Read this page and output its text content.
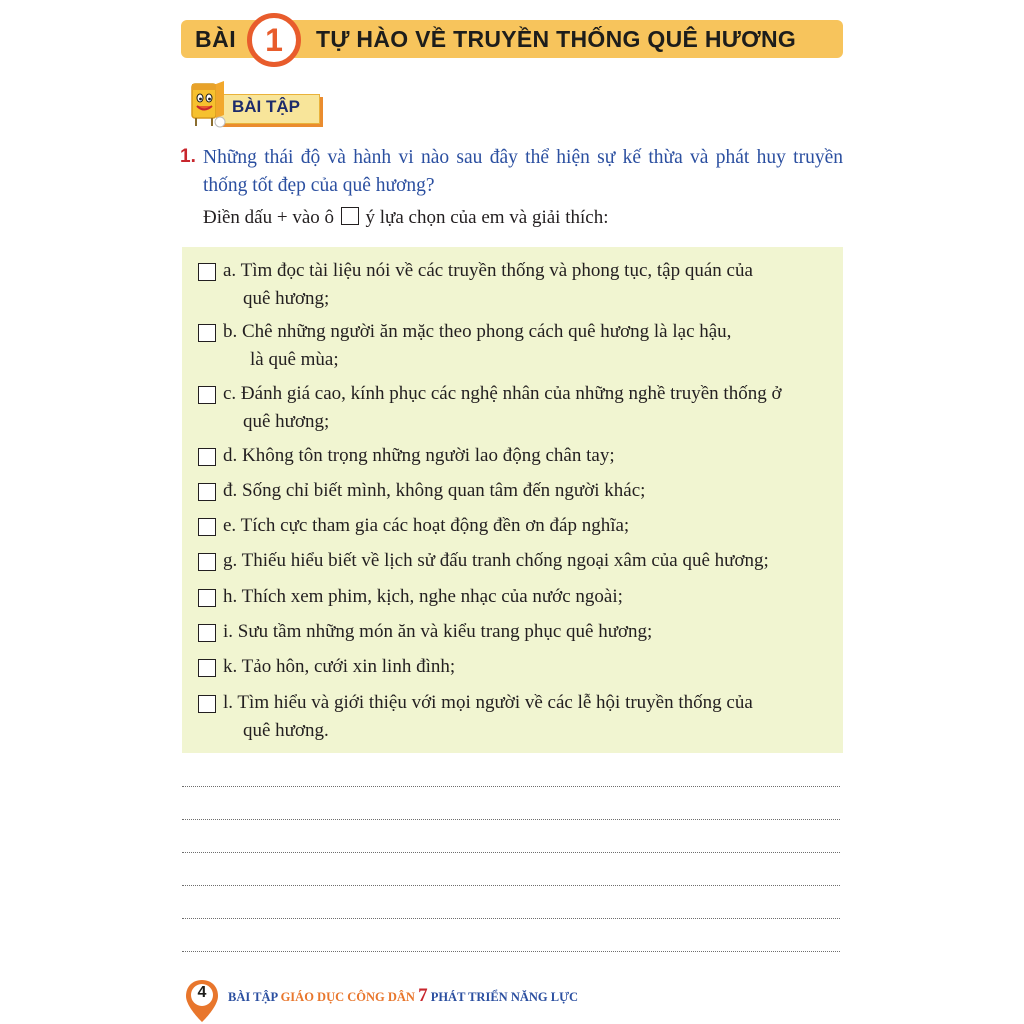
BÀI 1	TỰ HÀO VỀ TRUYỀN THỐNG QUÊ HƯƠNG
BÀI TẬP
1. Những thái độ và hành vi nào sau đây thể hiện sự kế thừa và phát huy truyền thống tốt đẹp của quê hương?
Điền dấu + vào ô ý lựa chọn của em và giải thích:
a. Tìm đọc tài liệu nói về các truyền thống và phong tục, tập quán của
quê hương;
b. Chê những người ăn mặc theo phong cách quê hương là lạc hậu,
là quê mùa;
c. Đánh giá cao, kính phục các nghệ nhân của những nghề truyền thống ở
quê hương;
d. Không tôn trọng những người lao động chân tay;
đ. Sống chỉ biết mình, không quan tâm đến người khác;
e. Tích cực tham gia các hoạt động đền ơn đáp nghĩa;
g. Thiếu hiểu biết về lịch sử đấu tranh chống ngoại xâm của quê hương;
h. Thích xem phim, kịch, nghe nhạc của nước ngoài;
i. Sưu tầm những món ăn và kiểu trang phục quê hương;
k. Tảo hôn, cưới xin linh đình;
l. Tìm hiểu và giới thiệu với mọi người về các lễ hội truyền thống của
quê hương.
4	BÀI TẬP GIÁO DỤC CÔNG DÂN 7 PHÁT TRIỂN NĂNG LỰC
